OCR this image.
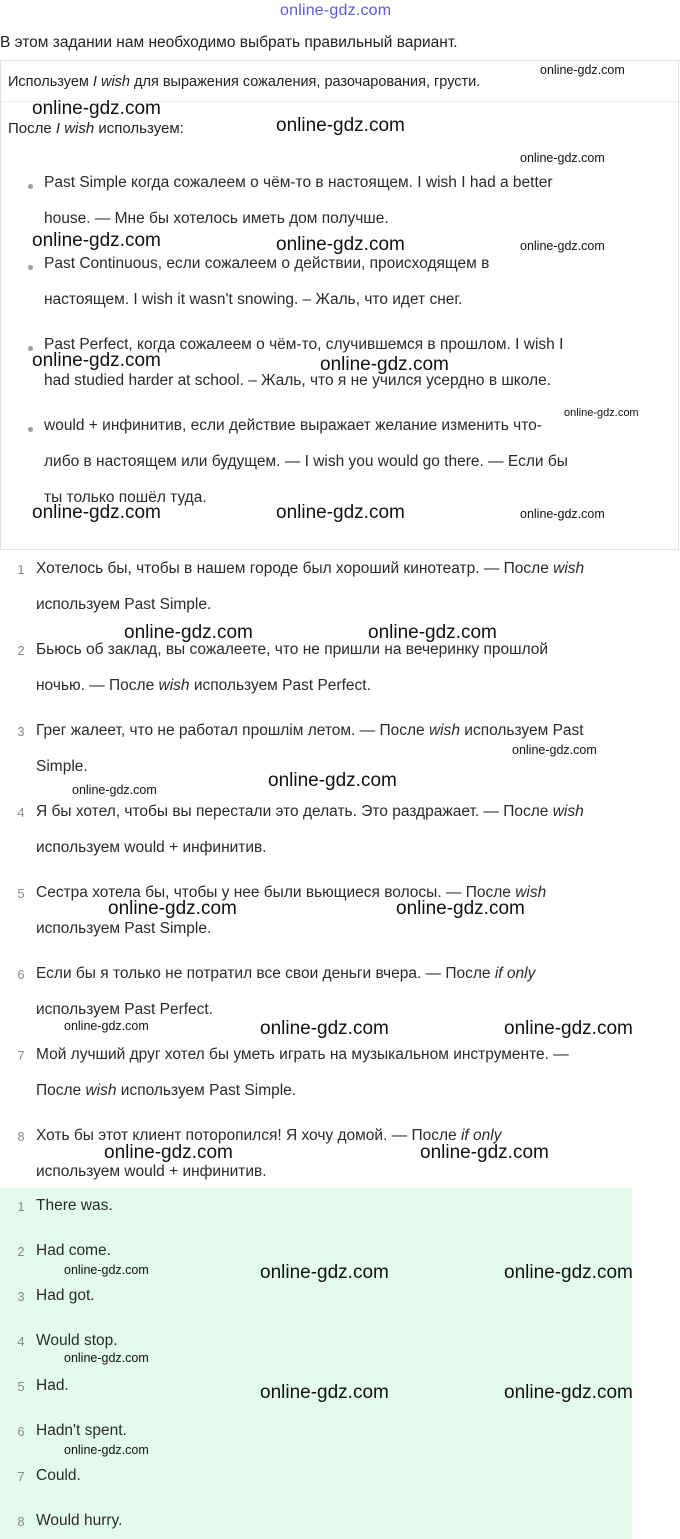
online-gdz.com
В этом задании нам необходимо выбрать правильный вариант.
Используем I wish для выражения сожаления, разочарования, грусти.
После I wish используем:
Past Simple когда сожалеем о чём-то в настоящем. I wish I had a better
house. — Мне бы хотелось иметь дом получше.
Past Continuous, если сожалеем о действии, происходящем в
настоящем. I wish it wasn't snowing. – Жаль, что идет снег.
Past Perfect, когда сожалеем о чём-то, случившемся в прошлом. I wish I
had studied harder at school. – Жаль, что я не учился усердно в школе.
would + инфинитив, если действие выражает желание изменить что-
либо в настоящем или будущем. — I wish you would go there. — Если бы
ты только пошёл туда.
1 Хотелось бы, чтобы в нашем городе был хороший кинотеатр. — После wish
используем Past Simple.
2 Бьюсь об заклад, вы сожалеете, что не пришли на вечеринку прошлой
ночью. — После wish используем Past Perfect.
3 Грег жалеет, что не работал прошлім летом. — После wish используем Past
Simple.
4 Я бы хотел, чтобы вы перестали это делать. Это раздражает. — После wish
используем would + инфинитив.
5 Сестра хотела бы, чтобы у нее были вьющиеся волосы. — После wish
используем Past Simple.
6 Если бы я только не потратил все свои деньги вчера. — После if only
используем Past Perfect.
7 Мой лучший друг хотел бы уметь играть на музыкальном инструменте. —
После wish используем Past Simple.
8 Хоть бы этот клиент поторопился! Я хочу домой. — После if only
используем would + инфинитив.
1 There was.
2 Had come.
3 Had got.
4 Would stop.
5 Had.
6 Hadn't spent.
7 Could.
8 Would hurry.
online-gdz.com
online-gdz.com
online-gdz.com
online-gdz.com
online-gdz.com	online-gdz.com	online-gdz.com
online-gdz.com	online-gdz.com
online-gdz.com
online-gdz.com	online-gdz.com	online-gdz.com
online-gdz.com	online-gdz.com
online-gdz.com
online-gdz.com	online-gdz.com
online-gdz.com	online-gdz.com
online-gdz.com	online-gdz.com	online-gdz.com
online-gdz.com	online-gdz.com
online-gdz.com	online-gdz.com	online-gdz.com
online-gdz.com
online-gdz.com	online-gdz.com
online-gdz.com
